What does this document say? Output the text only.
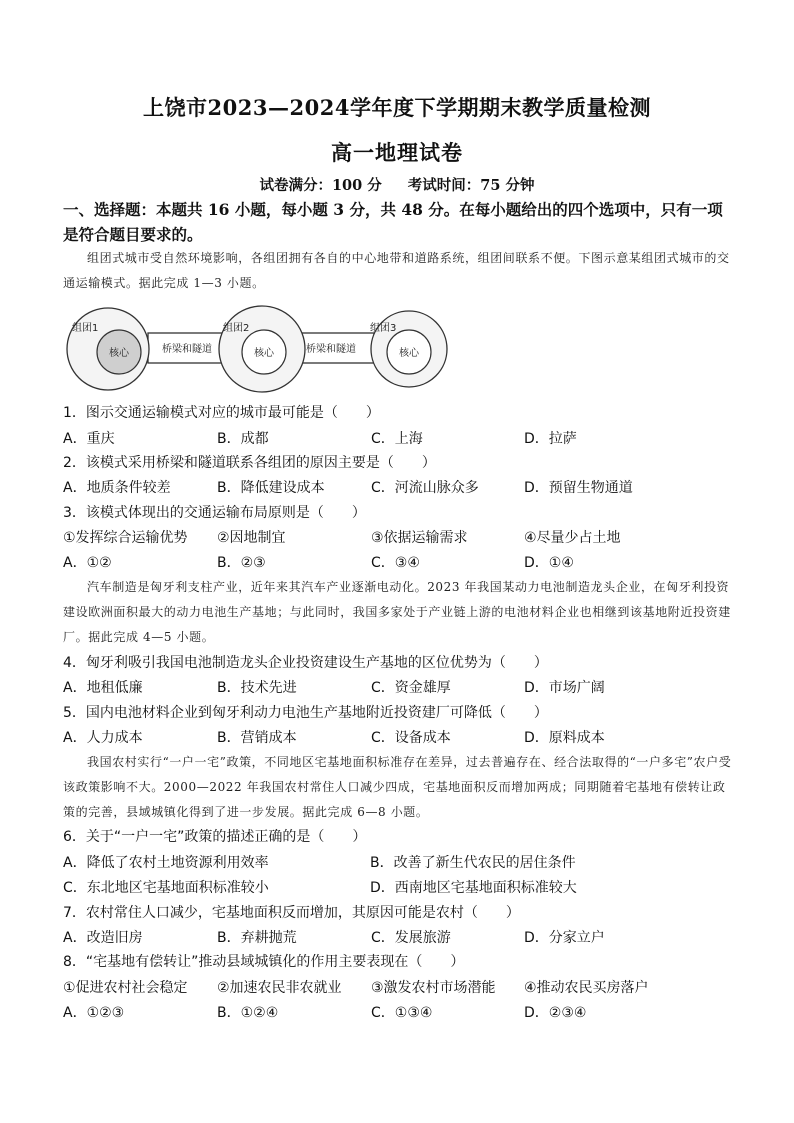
上饶市2023—2024学年度下学期期末教学质量检测
高一地理试卷
试卷满分：100 分 考试时间：75 分钟
一、选择题：本题共 16 小题，每小题 3 分，共 48 分。在每小题给出的四个选项中，只有一项
是符合题目要求的。
组团式城市受自然环境影响，各组团拥有各自的中心地带和道路系统，组团间联系不便。下图示意某组团式城市的交通运输模式。据此完成 1—3 小题。
组团1
核心	桥梁和隧道
组团2
核心	桥梁和隧道
组团3
核心
1．图示交通运输模式对应的城市最可能是（　　）
A．重庆	B．成都	C．上海	D．拉萨
2．该模式采用桥梁和隧道联系各组团的原因主要是（　　）
A．地质条件较差	B．降低建设成本	C．河流山脉众多	D．预留生物通道
3．该模式体现出的交通运输布局原则是（　　）
①发挥综合运输优势 ②因地制宜	③依据运输需求	④尽量少占土地
A．①②	B．②③	C．③④	D．①④
汽车制造是匈牙利支柱产业，近年来其汽车产业逐渐电动化。2023 年我国某动力电池制造龙头企业，在匈牙利投资建设欧洲面积最大的动力电池生产基地；与此同时，我国多家处于产业链上游的电池材料企业也相继到该基地附近投资建厂。据此完成 4—5 小题。
4．匈牙利吸引我国电池制造龙头企业投资建设生产基地的区位优势为（　　）
A．地租低廉	B．技术先进	C．资金雄厚	D．市场广阔
5．国内电池材料企业到匈牙利动力电池生产基地附近投资建厂可降低（　　）
A．人力成本	B．营销成本	C．设备成本	D．原料成本
我国农村实行“一户一宅”政策，不同地区宅基地面积标准存在差异，过去普遍存在、经合法取得的“一户多宅”农户受该政策影响不大。2000—2022 年我国农村常住人口减少四成，宅基地面积反而增加两成；同期随着宅基地有偿转让政策的完善，县域城镇化得到了进一步发展。据此完成 6—8 小题。
6．关于“一户一宅”政策的描述正确的是（　　）
A．降低了农村土地资源利用效率	B．改善了新生代农民的居住条件
C．东北地区宅基地面积标准较小	D．西南地区宅基地面积标准较大
7．农村常住人口减少，宅基地面积反而增加，其原因可能是农村（　　）
A．改造旧房	B．弃耕抛荒	C．发展旅游	D．分家立户
8．“宅基地有偿转让”推动县域城镇化的作用主要表现在（　　）
①促进农村社会稳定 ②加速农民非农就业 ③激发农村市场潜能 ④推动农民买房落户
A．①②③	B．①②④	C．①③④	D．②③④
